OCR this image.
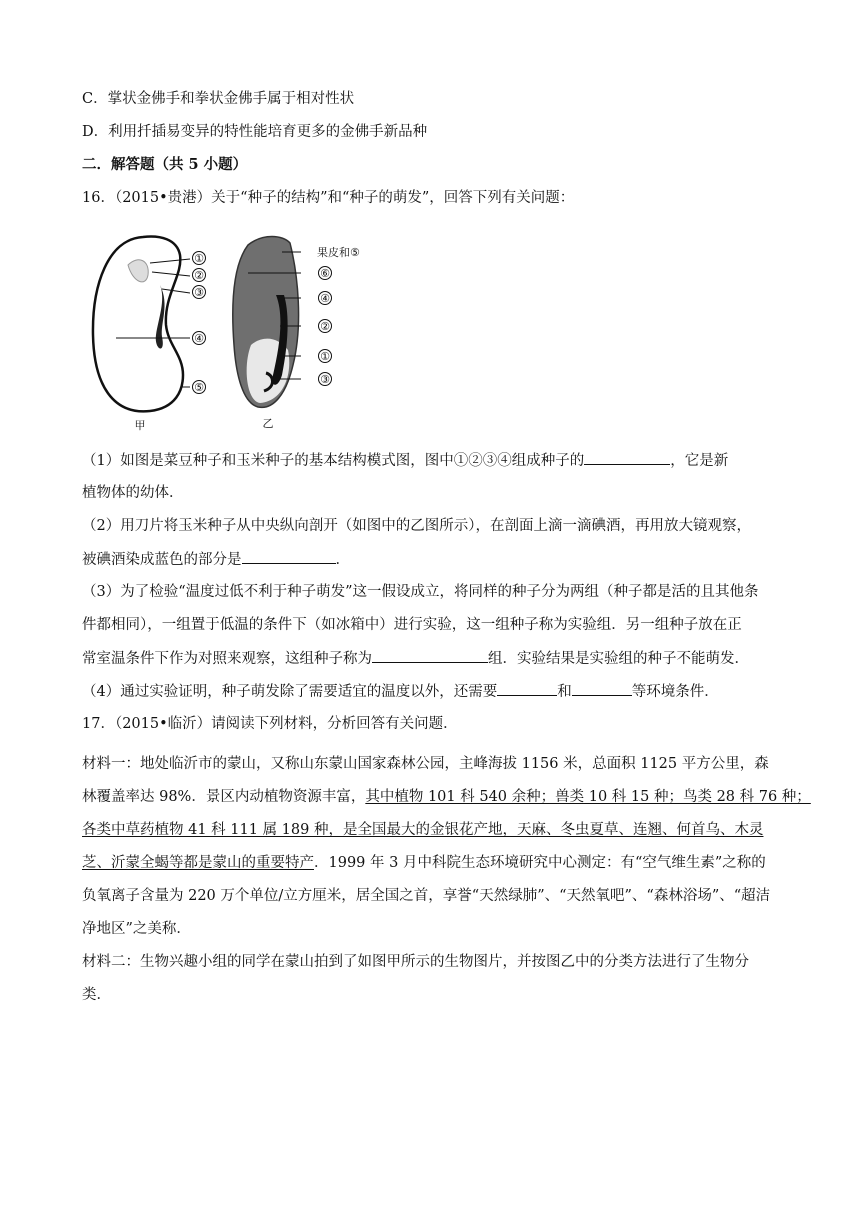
C．掌状金佛手和拳状金佛手属于相对性状
D．利用扦插易变异的特性能培育更多的金佛手新品种
二．解答题（共 5 小题）
16．（2015•贵港）关于“种子的结构”和“种子的萌发”，回答下列有关问题：
①
②
③
④
⑤
甲
果皮和⑤
⑥
④
②
①
③
乙
（1）如图是菜豆种子和玉米种子的基本结构模式图，图中①②③④组成种子的	，它是新
植物体的幼体．
（2）用刀片将玉米种子从中央纵向剖开（如图中的乙图所示），在剖面上滴一滴碘酒，再用放大镜观察，
被碘酒染成蓝色的部分是	．
（3）为了检验“温度过低不利于种子萌发”这一假设成立，将同样的种子分为两组（种子都是活的且其他条
件都相同），一组置于低温的条件下（如冰箱中）进行实验，这一组种子称为实验组．另一组种子放在正
常室温条件下作为对照来观察，这组种子称为	组．实验结果是实验组的种子不能萌发．
（4）通过实验证明，种子萌发除了需要适宜的温度以外，还需要	和	等环境条件．
17．（2015•临沂）请阅读下列材料，分析回答有关问题．
材料一：地处临沂市的蒙山，又称山东蒙山国家森林公园，主峰海拔 1156 米，总面积 1125 平方公里，森
林覆盖率达 98%．景区内动植物资源丰富，其中植物 101 科 540 余种；兽类 10 科 15 种；鸟类 28 科 76 种；
各类中草药植物 41 科 111 属 189 种，是全国最大的金银花产地，天麻、冬虫夏草、连翘、何首乌、木灵
芝、沂蒙全蝎等都是蒙山的重要特产．1999 年 3 月中科院生态环境研究中心测定：有“空气维生素”之称的
负氧离子含量为 220 万个单位/立方厘米，居全国之首，享誉“天然绿肺”、“天然氧吧”、“森林浴场”、“超洁
净地区”之美称．
材料二：生物兴趣小组的同学在蒙山拍到了如图甲所示的生物图片，并按图乙中的分类方法进行了生物分
类．
